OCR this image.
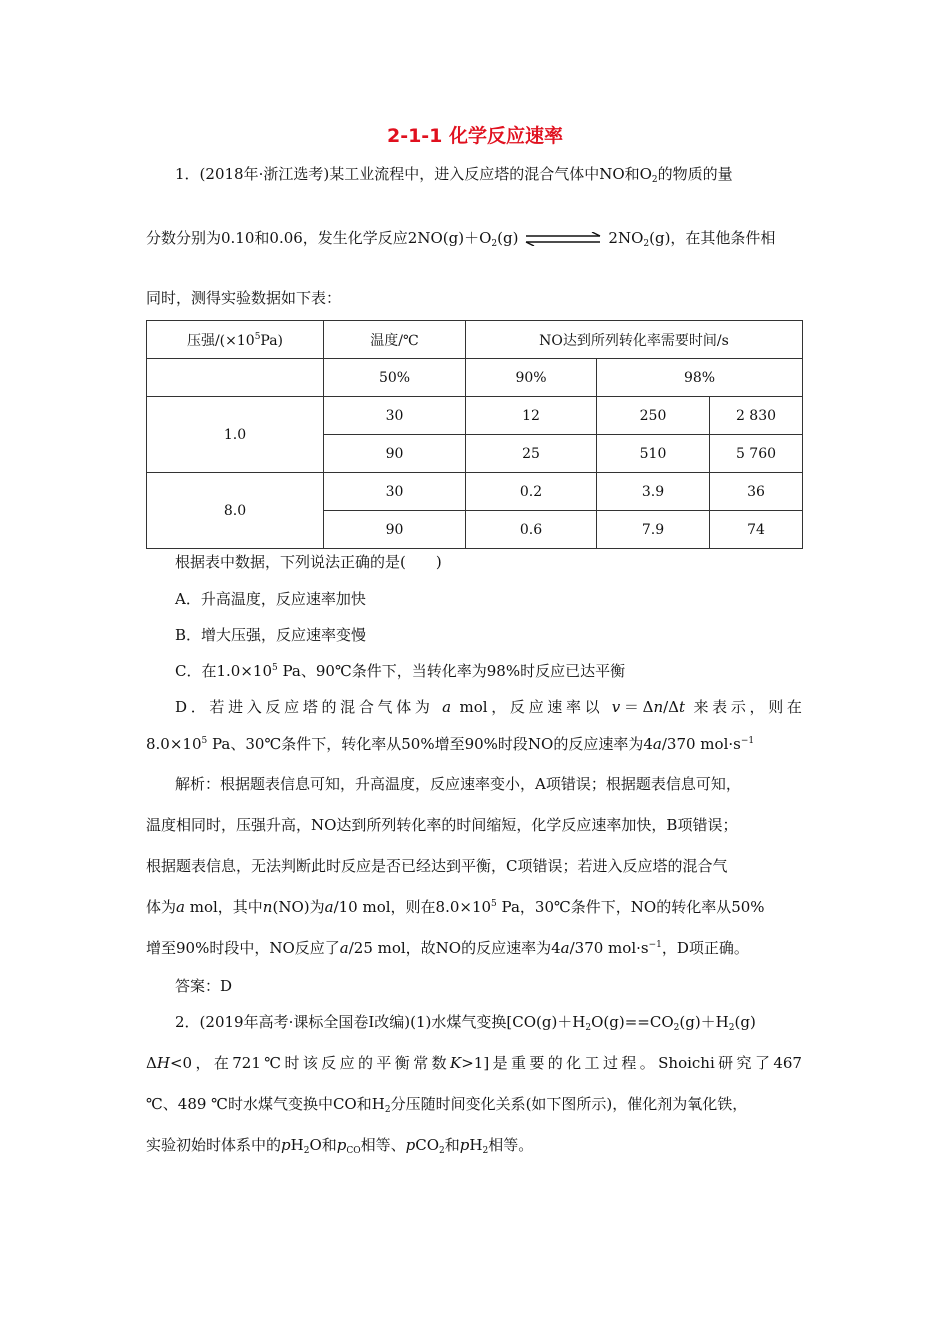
2-1-1 化学反应速率
1．(2018年·浙江选考)某工业流程中，进入反应塔的混合气体中NO和$O_2$的物质的量
分数分别为0.10和0.06，发生化学反应$2NO(g)+O_2(g)$	$2NO_2(g)$，在其他条件相
同时，测得实验数据如下表：
压强$/(\times 10^5Pa)$	温度/℃	NO达到所列转化率需要时间/s		
	50%	90%	98%	
1.0	30	12	250	2 830
	90	25	510	5 760
8.0	30	0.2	3.9	36
	90	0.6	7.9	74
根据表中数据，下列说法正确的是(　　)
A．升高温度，反应速率加快
B．增大压强，反应速率变慢
C．在$1.0\times 10^5$ Pa、90℃条件下，当转化率为98%时反应已达平衡
D．若进入反应塔的混合气体为 a mol，反应速率以 v＝Δn/Δt 来表示，则在
$8.0\times 10^5$ Pa、30℃条件下，转化率从50%增至90%时段NO的反应速率为4a/370 $mol\cdot s^{-1}$
解析：根据题表信息可知，升高温度，反应速率变小，A项错误；根据题表信息可知，
温度相同时，压强升高，NO达到所列转化率的时间缩短，化学反应速率加快，B项错误；
根据题表信息，无法判断此时反应是否已经达到平衡，C项错误；若进入反应塔的混合气
体为a mol，其中n(NO)为a/10 mol，则在$8.0\times 10^5$ Pa，30℃条件下，NO的转化率从50%
增至90%时段中，NO反应了a/25 mol，故NO的反应速率为4a/370 $mol\cdot s^{-1}$，D项正确。
答案：D
2．(2019年高考·课标全国卷Ⅰ改编)(1)水煤气变换[$CO(g)+H_2O(g)==CO_2(g)+H_2(g)$
ΔH<0，在721℃时该反应的平衡常数K>1]是重要的化工过程。Shoichi研究了467
℃、489 ℃时水煤气变换中CO和$H_2$分压随时间变化关系(如下图所示)，催化剂为氧化铁，
实验初始时体系中的$pH_2O$和$p_{CO}$相等、pCO$_2$和$pH_2$相等。
